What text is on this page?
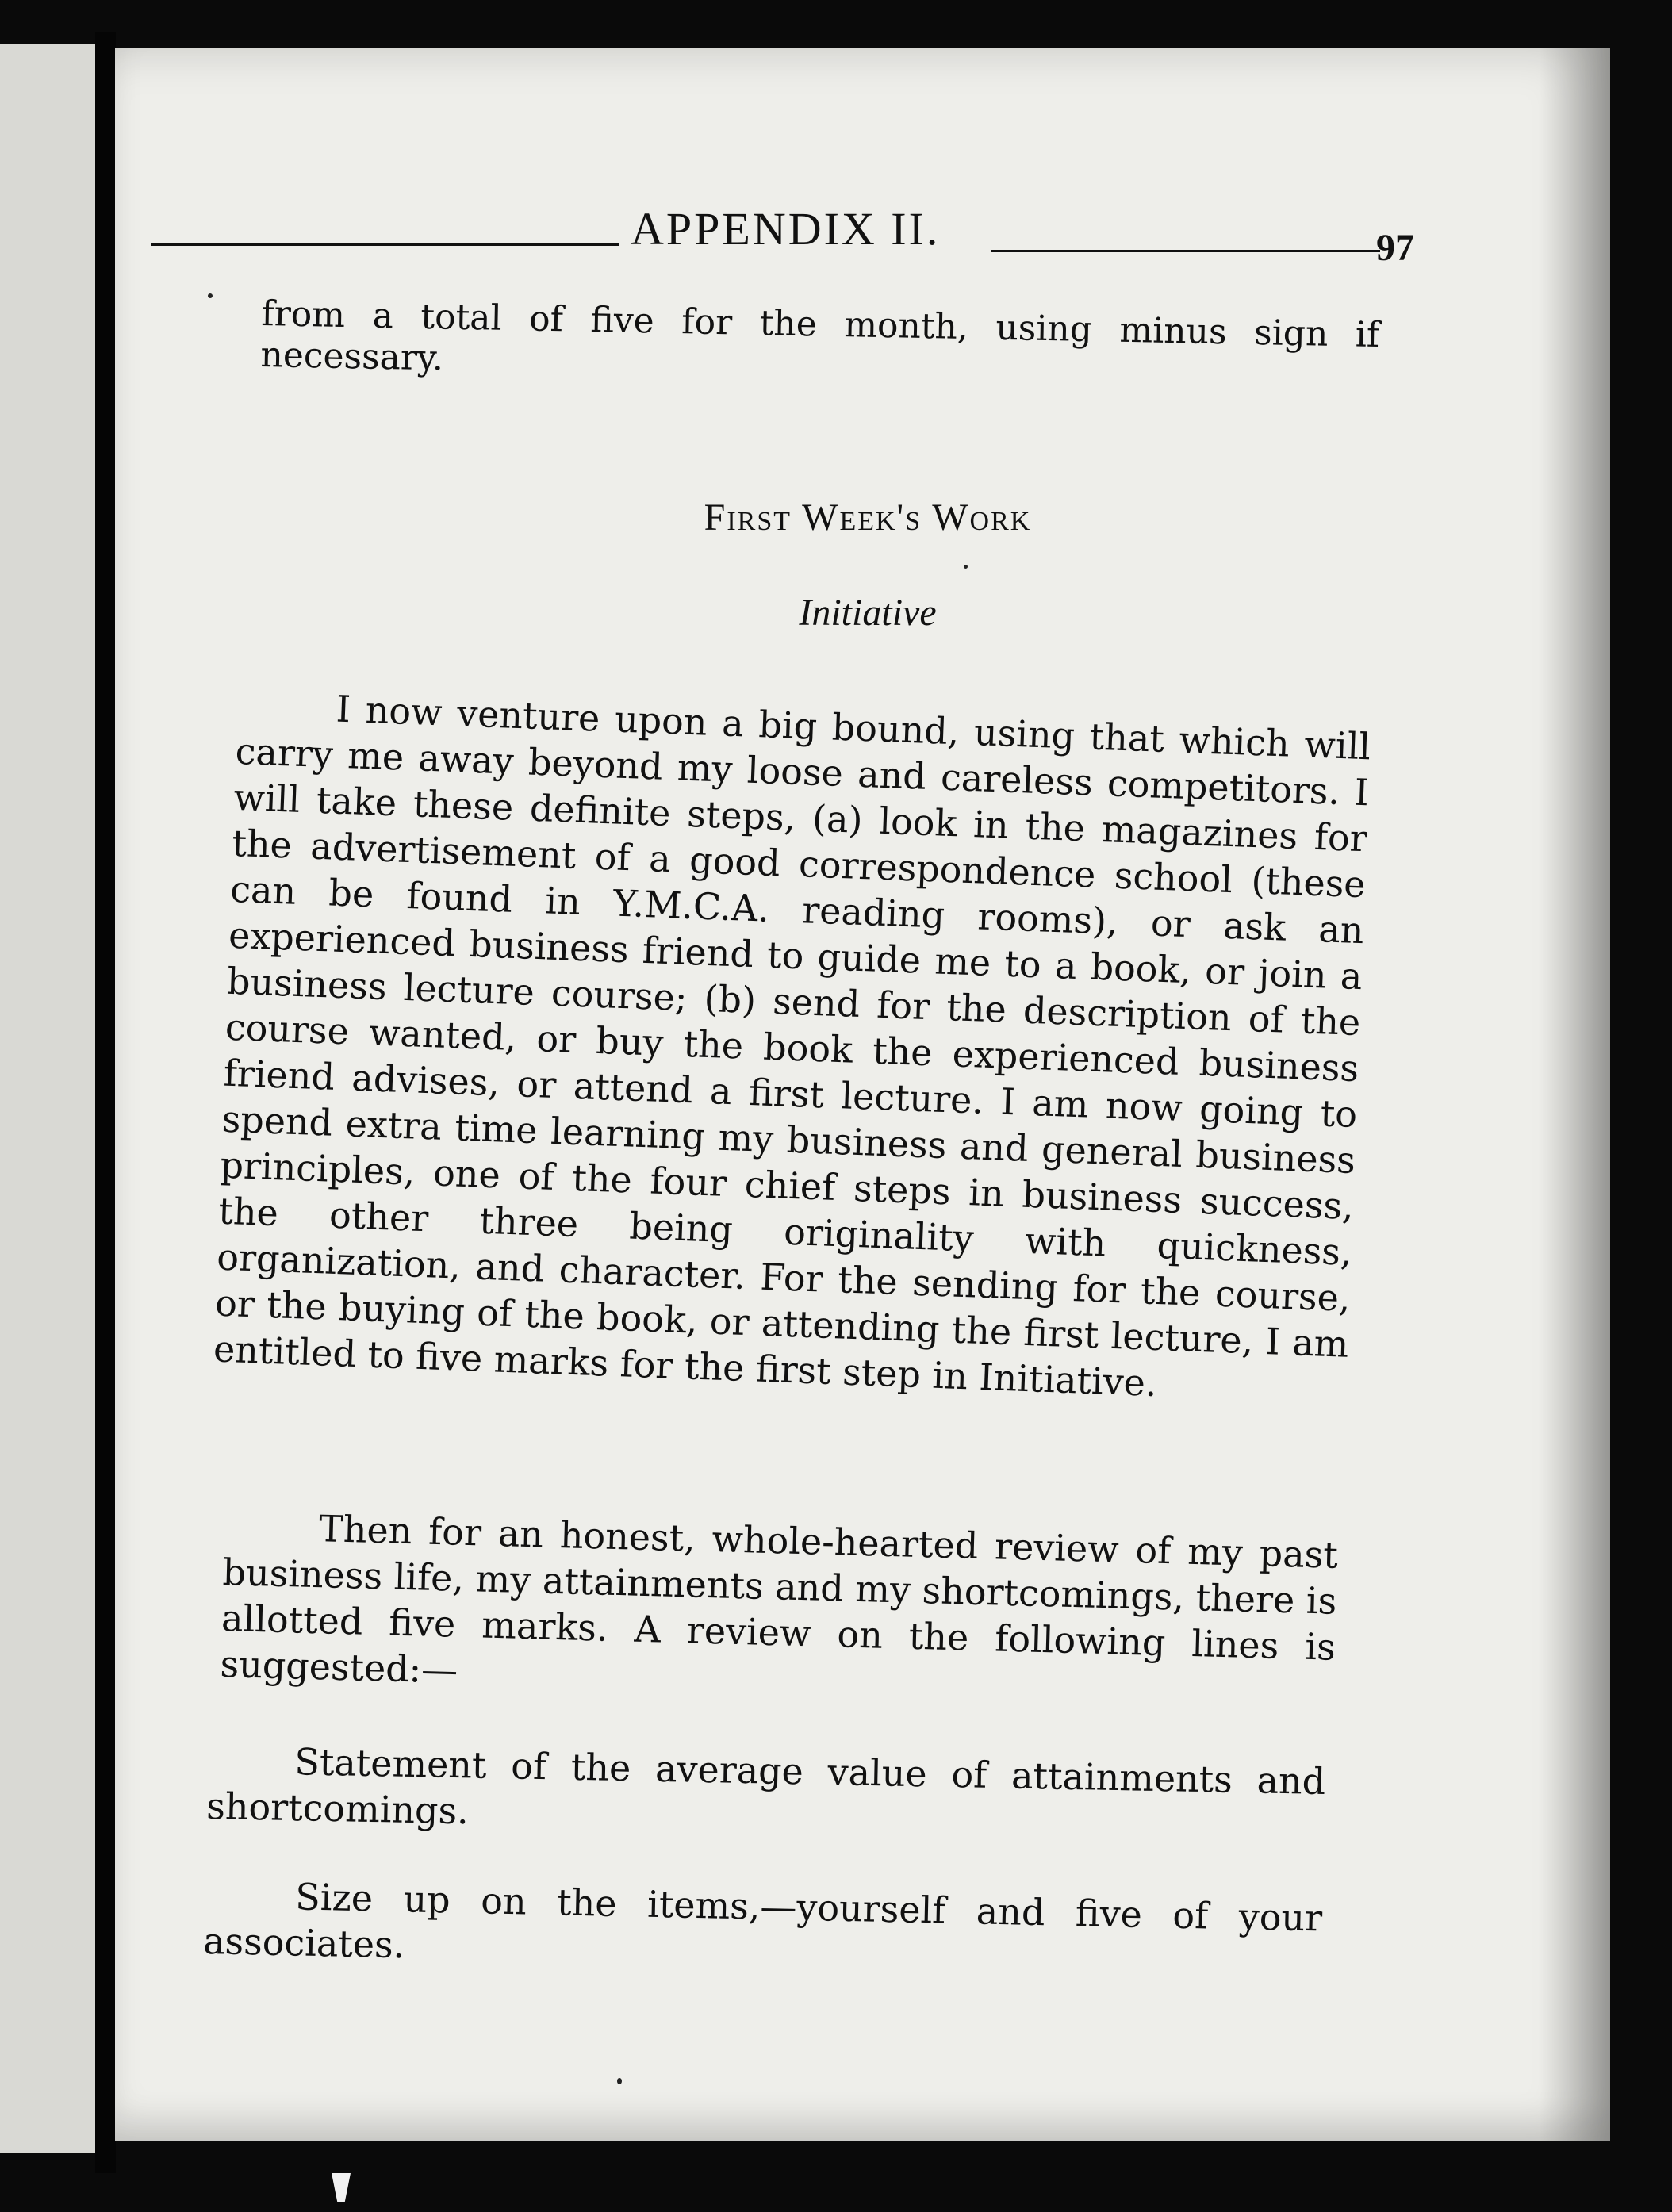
APPENDIX II.	97
from a total of five for the month, using minus sign if necessary.
First Week's Work
Initiative
I now venture upon a big bound, using that which will carry me away beyond my loose and careless competitors. I will take these definite steps, (a) look in the magazines for the advertisement of a good correspondence school (these can be found in Y.M.C.A. reading rooms), or ask an experienced business friend to guide me to a book, or join a business lecture course; (b) send for the description of the course wanted, or buy the book the experienced business friend advises, or attend a first lecture. I am now going to spend extra time learning my business and general business principles, one of the four chief steps in business success, the other three being originality with quickness, organization, and character. For the sending for the course, or the buying of the book, or attending the first lecture, I am entitled to five marks for the first step in Initiative.
Then for an honest, whole-hearted review of my past business life, my attainments and my shortcomings, there is allotted five marks. A review on the following lines is suggested:—
Statement of the average value of attainments and shortcomings.
Size up on the items,—yourself and five of your associates.
